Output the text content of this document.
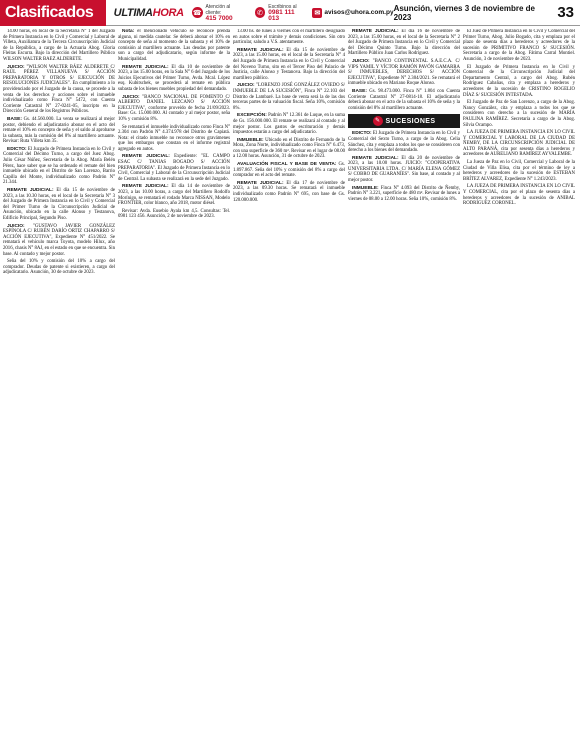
Clasificados	ULTIMAHORA ☎
Atención al cliente:
415 7000
✆
Escribinos al
0981 111 013
✉ avisos@uhora.com.py Asunción, viernes 3 de noviembre de 2023	33

14.00 horas, en local de la Secretaría N° 1 del Juzgado de Primera Instancia en lo Civil y Comercial y Laboral de Villeta, Auxiliatura de la Tercera Circunscripción Judicial de la República, a cargo de la Actuaria Abog. Gloria Fleitas Escurra. Bajo la dirección del Martillero Público WILSON WALTER BAEZ ALDERETE.

JUICIO: "WILSON WALTER BÁEZ ALDERETE C/ RAÚL PÉREZ VILLANUEVA S/ ACCIÓN PREPARATORIA Y OTROS S/ EJECUCIÓN DE RESOLUCIONES JUDICIALES". En cumplimiento a lo providenciado por el Juzgado de la causa, se procede a la venta de los derechos y acciones sobre el inmueble individualizado como Finca N° 5472, con Cuenta Corriente Catastral N° 27-0241-05, inscripto en la Dirección General de los Registros Públicos.

BASE: Gs. 44.560.000. La venta se realizará al mejor postor, debiendo el adjudicatario abonar en el acto del remate el 10% en concepto de seña y el saldo al aprobarse la subasta, más la comisión del 8% al martillero actuante. Revisar: Ruta Villeta km 35.

EDICTO: El Juzgado de Primera Instancia en lo Civil y Comercial del Décimo Turno, a cargo del Juez Abog. Julio César Núñez, Secretaría de la Abog. María Belén Pérez, hace saber que se ha ordenado el remate del bien inmueble ubicado en el Distrito de San Lorenzo, Barrio Capilla del Monte, individualizado como Padrón N° 21.344.

REMATE JUDICIAL: El día 15 de noviembre de 2023, a las 10.30 horas, en el local de la Secretaría N° 3 del Juzgado de Primera Instancia en lo Civil y Comercial del Primer Turno de la Circunscripción Judicial de Asunción, ubicado en la calle Alonso y Testanova, Edificio Principal, Segundo Piso.

JUICIO: "GUSTAVO JAVIER GONZÁLEZ ESPÍNOLA C/ RUBÉN DARÍO ORTIZ CHAPARRO S/ ACCIÓN EJECUTIVA", Expediente N° 451/2022. Se rematará el vehículo marca Toyota, modelo Hilux, año 2016, chasis N° 8AJ, en el estado en que se encuentra. Sin base. Al contado y mejor postor.

Seña del 10% y comisión del 10% a cargo del comprador. Deudas de patente si existieren, a cargo del adjudicatario. Asunción, 30 de octubre de 2023.

Nota: el mencionado vehículo se reconoce prenda alguna, ni medida cautelar. Se deberá abonar el 10% en concepto de seña al momento de la subasta y el 10% de comisión al martillero actuante. Las deudas por patente son a cargo del adjudicatario, según informe de la Municipalidad.

REMATE JUDICIAL: El día 10 de noviembre de 2023, a las 15.00 horas, en la Sala N° 6 del Juzgado de los Juicios Ejecutivos del Primer Turno, Avda. Mcal. López esq. Kubitschek, se procederá al remate en pública subasta de los bienes muebles propiedad del demandado.

JUICIO: "BANCO NACIONAL DE FOMENTO C/ ALBERTO DANIEL LEZCANO S/ ACCIÓN EJECUTIVA", conforme proveído de fecha 21/09/2023. Base: Gs. 15.000.000. Al contado y al mejor postor, seña 10% y comisión 8%.

Se rematará el inmueble individualizado como Finca N° 2.304 con Padrón N° 4.374.978 del Distrito de Capiatá. Nota: el citado inmueble no reconoce otros gravámenes que los embargos que constan en el informe registral agregado en autos.

REMATE JUDICIAL: Expediente: "EL CAMPO ESAC C/ TANIAS BOGADO S/ ACCIÓN PREPARATORIA". El Juzgado de Primera Instancia en lo Civil, Comercial y Laboral de la Circunscripción Judicial de Central. La subasta se realizará en la sede del Juzgado.

REMATE JUDICIAL: El día 14 de noviembre de 2023, a las 10.00 horas, a cargo del Martillero Rodolfo Morínigo, se rematará el rodado Marca NISSAN, Modelo FRONTIER, color blanco, año 2018, motor diésel.

Revisar: Avda. Eusebio Ayala km 4,5. Consultas: Tel. 0981 123 456. Asunción, 2 de noviembre de 2023.

13.00 hs. de lunes a viernes con el martillero designado en autos sobre el trámite y demás condiciones. Sin otro particular, saludo a V.S. atentamente.

REMATE JUDICIAL: El día 15 de noviembre de 2023, a las 15.00 horas, en el local de la Secretaría N° 4 del Juzgado de Primera Instancia en lo Civil y Comercial del Noveno Turno, sito en el Tercer Piso del Palacio de Justicia, calle Alonso y Testanova. Bajo la dirección del martillero público.

JUICIO: "LORENZO JOSÉ GONZÁLEZ OVIEDO S/ INMUEBLE DE LA SUCESIÓN", Finca N° 22.103 del Distrito de Lambaré. La base de venta será la de las dos terceras partes de la valuación fiscal. Seña 10%, comisión 8%.

EXCEPCIÓN: Padrón N° 12.361 de Luque, en la suma de Gs. 156.000.000. El remate se realizará al contado y al mejor postor. Los gastos de escrituración y demás impuestos estarán a cargo del adjudicatario.

INMUEBLE: Ubicado en el Distrito de Fernando de la Mora, Zona Norte, individualizado como Finca N° 6.473, con una superficie de 360 m². Revisar en el lugar de 08.00 a 12.00 horas. Asunción, 31 de octubre de 2023.

AVALUACIÓN FISCAL Y BASE DE VENTA: Gs. 1.897.867. Seña del 10% y comisión del 8% a cargo del comprador en el acto del remate.

REMATE JUDICIAL: El día 17 de noviembre de 2023, a las 09.30 horas. Se rematará el inmueble individualizado como Padrón N° 695, con base de Gs. 120.000.000.

REMATE JUDICIAL: El día 16 de noviembre de 2023, a las 15.00 horas, en el local de la Secretaría N° 2 del Juzgado de Primera Instancia en lo Civil y Comercial del Décimo Quinto Turno. Bajo la dirección del Martillero Público Juan Carlos Rodríguez.

JUICIO: "BANCO CONTINENTAL S.A.E.C.A. C/ VIPS YAMIL Y VÍCTOR RAMÓN PAVÓN GAMARRA S/ INMUEBLES, DERECHOS S/ ACCIÓN EJECUTIVA", Expediente N° 2.304/2021. Se rematará el inmueble ubicado en Mariano Roque Alonso.

BASE: Gs. 98.473.000. Finca N° 1.804 con Cuenta Corriente Catastral N° 27-0814-18. El adjudicatario deberá abonar en el acto de la subasta el 10% de seña y la comisión del 8% al martillero actuante.

✎ SUCESIONES

EDICTO: El Juzgado de Primera Instancia en lo Civil y Comercial del Sexto Turno, a cargo de la Abog. Celia Sánchez, cita y emplaza a todos los que se consideren con derecho a los bienes del demandado.

REMATE JUDICIAL: El día 20 de noviembre de 2023, a las 10.00 horas. JUICIO: "COOPERATIVA UNIVERSITARIA LTDA. C/ MARÍA ELENA GÓMEZ S/ COBRO DE GUARANÍES". Sin base, al contado y al mejor postor.

INMUEBLE: Finca N° 4.093 del Distrito de Ñemby, Padrón N° 3.221, superficie de 480 m². Revisar de lunes a viernes de 08.00 a 12.00 horas. Seña 10%, comisión 8%.

El Juez de Primera Instancia en lo Civil y Comercial del Primer Turno, Abog. Julio Bogado, cita y emplaza por el plazo de sesenta días a herederos y acreedores de la sucesión de PRIMITIVO FRANCO S/ SUCESIÓN. Secretaría a cargo de la Abog. Fátima Carral Montiel. Asunción, 3 de noviembre de 2023.

El Juzgado de Primera Instancia en lo Civil y Comercial de la Circunscripción Judicial del Departamento Central, a cargo del Abog. Rubén Rodríguez Cabañas, cita y emplaza a herederos y acreedores de la sucesión de CRISTINO ROGELIO DÍAZ S/ SUCESIÓN INTESTADA.

El Juzgado de Paz de San Lorenzo, a cargo de la Abog. Nancy González, cita y emplaza a todos los que se consideren con derecho a la sucesión de MARÍA PAULINA RAMÍREZ. Secretaría a cargo de la Abog. Silvia Ocampo.

LA JUEZA DE PRIMERA INSTANCIA EN LO CIVIL Y COMERCIAL Y LABORAL DE LA CIUDAD DE ÑEMBY, DE LA CIRCUNSCRIPCIÓN JUDICIAL DE ALTO PARANÁ, cita por sesenta días a herederos y acreedores de AURELIANO RAMÍREZ AYVALEMBE.

La Jueza de Paz en lo Civil, Comercial y Laboral de la Ciudad de Villa Elisa, cita por el término de ley a herederos y acreedores de la sucesión de ESTEBAN BRÍTEZ ALVAREZ, Expediente N° 1.243/2023.

LA JUEZA DE PRIMERA INSTANCIA EN LO CIVIL Y COMERCIAL, cita por el plazo de sesenta días a herederos y acreedores de la sucesión de ANIBAL RODRÍGUEZ CORONEL.
